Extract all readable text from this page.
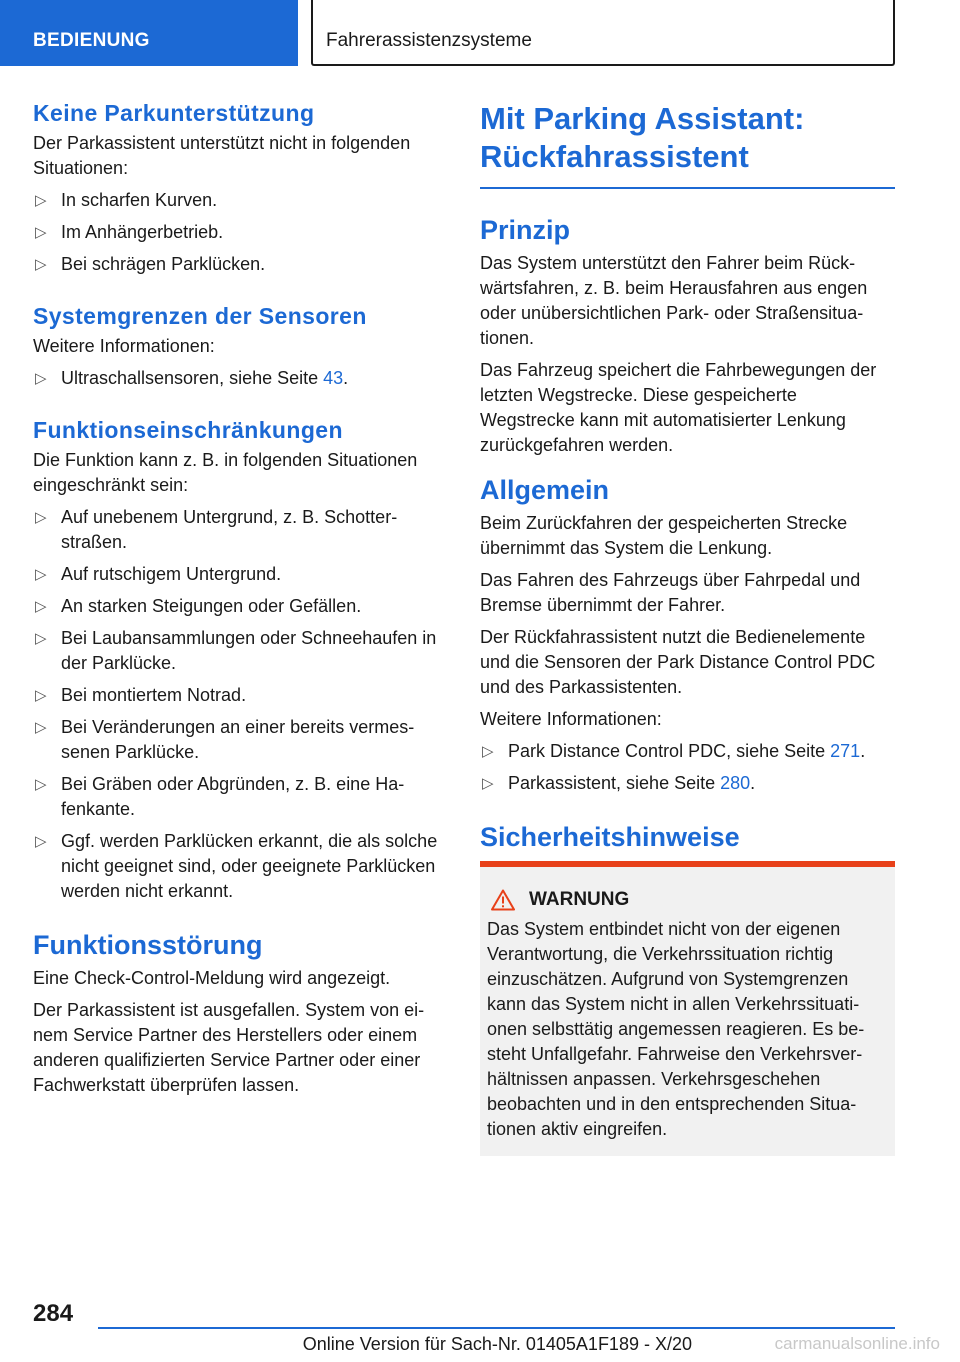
BEDIENUNG	Fahrerassistenzsysteme
Keine Parkunterstützung

Der Parkassistent unterstützt nicht in folgenden Situationen:

▷ In scharfen Kurven.
▷ Im Anhängerbetrieb.
▷ Bei schrägen Parklücken.
Systemgrenzen der Sensoren

Weitere Informationen:

▷ Ultraschallsensoren, siehe Seite 43.
Funktionseinschränkungen

Die Funktion kann z. B. in folgenden Situationen eingeschränkt sein:

▷ Auf unebenem Untergrund, z. B. Schotterstraßen.
▷ Auf rutschigem Untergrund.
▷ An starken Steigungen oder Gefällen.
▷ Bei Laubansammlungen oder Schneehaufen in der Parklücke.
▷ Bei montiertem Notrad.
▷ Bei Veränderungen an einer bereits vermessenen Parklücke.
▷ Bei Gräben oder Abgründen, z. B. eine Hafenkante.
▷ Ggf. werden Parklücken erkannt, die als solche nicht geeignet sind, oder geeignete Parklücken werden nicht erkannt.
Funktionsstörung

Eine Check-Control-Meldung wird angezeigt.

Der Parkassistent ist ausgefallen. System von einem Service Partner des Herstellers oder einem anderen qualifizierten Service Partner oder einer Fachwerkstatt überprüfen lassen.

Mit Parking Assistant: Rückfahrassistent
Prinzip

Das System unterstützt den Fahrer beim Rückwärtsfahren, z. B. beim Herausfahren aus engen oder unübersichtlichen Park- oder Straßensituationen.

Das Fahrzeug speichert die Fahrbewegungen der letzten Wegstrecke. Diese gespeicherte Wegstrecke kann mit automatisierter Lenkung zurückgefahren werden.

Allgemein

Beim Zurückfahren der gespeicherten Strecke übernimmt das System die Lenkung.

Das Fahren des Fahrzeugs über Fahrpedal und Bremse übernimmt der Fahrer.

Der Rückfahrassistent nutzt die Bedienelemente und die Sensoren der Park Distance Control PDC und des Parkassistenten.

Weitere Informationen:

▷ Park Distance Control PDC, siehe Seite 271.
▷ Parkassistent, siehe Seite 280.
Sicherheitshinweise
WARNUNG

Das System entbindet nicht von der eigenen Verantwortung, die Verkehrssituation richtig einzuschätzen. Aufgrund von Systemgrenzen kann das System nicht in allen Verkehrssituationen selbsttätig angemessen reagieren. Es besteht Unfallgefahr. Fahrweise den Verkehrsverhältnissen anpassen. Verkehrsgeschehen beobachten und in den entsprechenden Situationen aktiv eingreifen.

284
Online Version für Sach-Nr. 01405A1F189 - X/20	carmanualsonline.info
